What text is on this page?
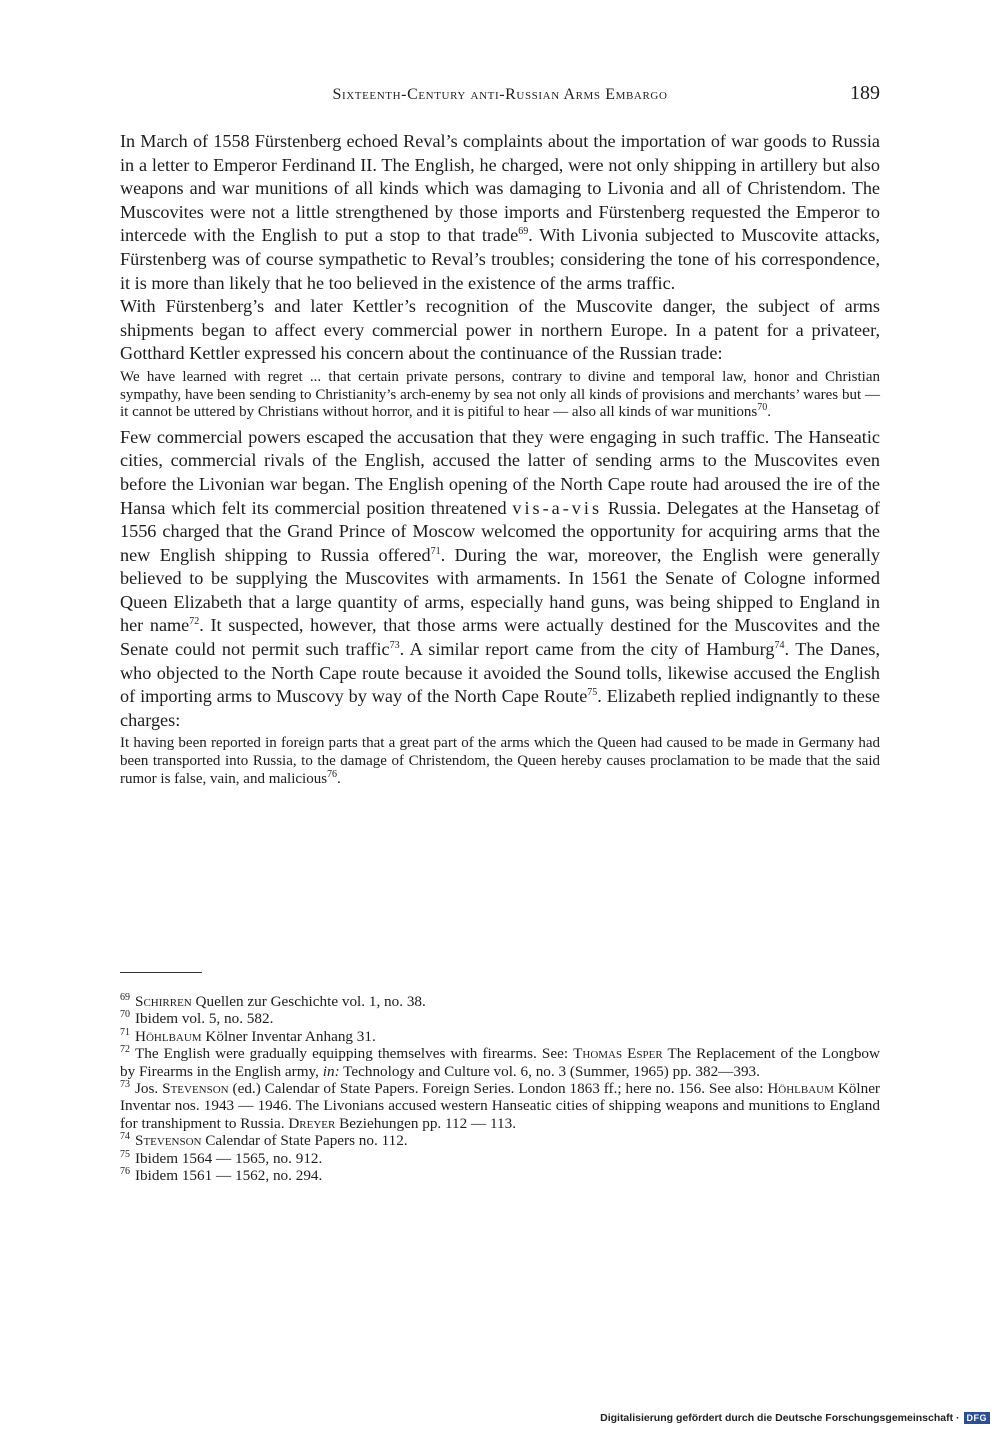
Sixteenth-Century anti-Russian Arms Embargo	189

In March of 1558 Fürstenberg echoed Reval’s complaints about the importation of war goods to Russia in a letter to Emperor Ferdinand II. The English, he charged, were not only shipping in artillery but also weapons and war munitions of all kinds which was damaging to Livonia and all of Christendom. The Muscovites were not a little strengthened by those imports and Fürstenberg requested the Emperor to intercede with the English to put a stop to that trade$^{69}$. With Livonia subjected to Muscovite attacks, Fürstenberg was of course sympathetic to Reval’s troubles; considering the tone of his correspondence, it is more than likely that he too believed in the existence of the arms traffic.

With Fürstenberg’s and later Kettler’s recognition of the Muscovite danger, the subject of arms shipments began to affect every commercial power in northern Europe. In a patent for a privateer, Gotthard Kettler expressed his concern about the continuance of the Russian trade:

We have learned with regret ... that certain private persons, contrary to divine and temporal law, honor and Christian sympathy, have been sending to Christianity’s arch-enemy by sea not only all kinds of provisions and merchants’ wares but — it cannot be uttered by Christians without horror, and it is pitiful to hear — also all kinds of war munitions$^{70}$.

Few commercial powers escaped the accusation that they were engaging in such traffic. The Hanseatic cities, commercial rivals of the English, accused the latter of sending arms to the Muscovites even before the Livonian war began. The English opening of the North Cape route had aroused the ire of the Hansa which felt its commercial position threatened vis-a-vis Russia. Delegates at the Hansetag of 1556 charged that the Grand Prince of Moscow welcomed the opportunity for acquiring arms that the new English shipping to Russia offered$^{71}$. During the war, moreover, the English were generally believed to be supplying the Muscovites with armaments. In 1561 the Senate of Cologne informed Queen Elizabeth that a large quantity of arms, especially hand guns, was being shipped to England in her name$^{72}$. It suspected, however, that those arms were actually destined for the Muscovites and the Senate could not permit such traffic$^{73}$. A similar report came from the city of Hamburg$^{74}$. The Danes, who objected to the North Cape route because it avoided the Sound tolls, likewise accused the English of importing arms to Muscovy by way of the North Cape Route$^{75}$. Elizabeth replied indignantly to these charges:

It having been reported in foreign parts that a great part of the arms which the Queen had caused to be made in Germany had been transported into Russia, to the damage of Christendom, the Queen hereby causes proclamation to be made that the said rumor is false, vain, and malicious$^{76}$.

$^{69}$ Schirren Quellen zur Geschichte vol. 1, no. 38.

$^{70}$ Ibidem vol. 5, no. 582.

$^{71}$ Höhlbaum Kölner Inventar Anhang 31.

$^{72}$ The English were gradually equipping themselves with firearms. See: Thomas Esper The Replacement of the Longbow by Firearms in the English army, in: Technology and Culture vol. 6, no. 3 (Summer, 1965) pp. 382—393.

$^{73}$ Jos. Stevenson (ed.) Calendar of State Papers. Foreign Series. London 1863 ff.; here no. 156. See also: Höhlbaum Kölner Inventar nos. 1943 — 1946. The Livonians accused western Hanseatic cities of shipping weapons and munitions to England for transhipment to Russia. Dreyer Beziehungen pp. 112 — 113.

$^{74}$ Stevenson Calendar of State Papers no. 112.

$^{75}$ Ibidem 1564 — 1565, no. 912.

$^{76}$ Ibidem 1561 — 1562, no. 294.

Digitalisierung gefördert durch die Deutsche Forschungsgemeinschaft · DFG
